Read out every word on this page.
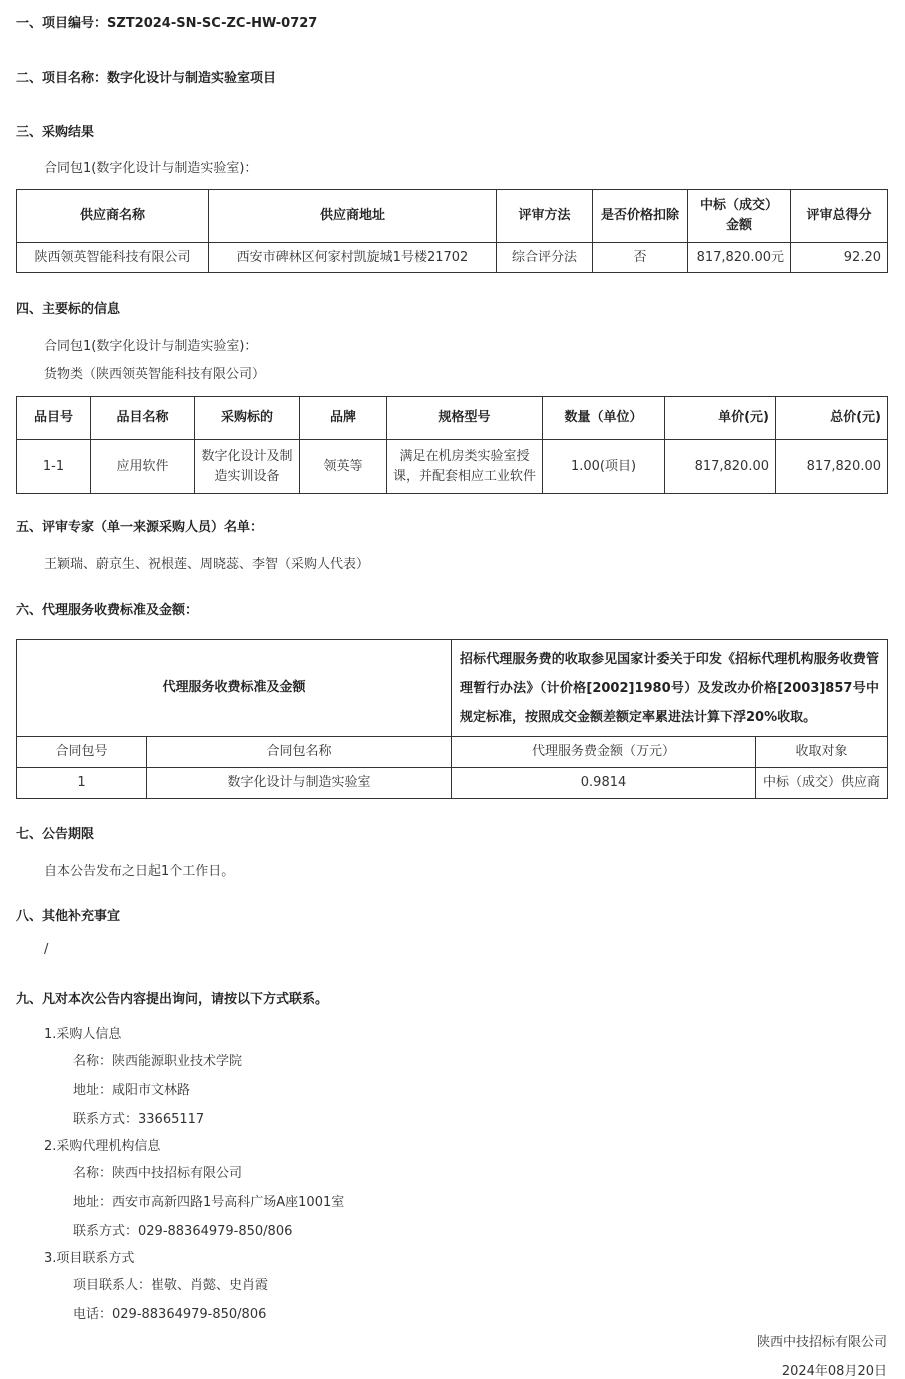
一、项目编号：SZT2024-SN-SC-ZC-HW-0727
二、项目名称：数字化设计与制造实验室项目
三、采购结果
合同包1(数字化设计与制造实验室)：
供应商名称	供应商地址	评审方法	是否价格扣除	中标（成交）金额	评审总得分
陕西领英智能科技有限公司	西安市碑林区何家村凯旋城1号楼21702	综合评分法	否	817,820.00元	92.20
四、主要标的信息
合同包1(数字化设计与制造实验室)：
货物类（陕西领英智能科技有限公司）
品目号	品目名称	采购标的	品牌	规格型号	数量（单位）	单价(元)	总价(元)
1-1	应用软件	数字化设计及制造实训设备	领英等	满足在机房类实验室授课，并配套相应工业软件	1.00(项目)	817,820.00	817,820.00
五、评审专家（单一来源采购人员）名单：
王颖瑞、蔚京生、祝根莲、周晓蕊、李智（采购人代表）
六、代理服务收费标准及金额：
代理服务收费标准及金额		招标代理服务费的收取参见国家计委关于印发《招标代理机构服务收费管理暂行办法》（计价格[2002]1980号）及发改办价格[2003]857号中规定标准，按照成交金额差额定率累进法计算下浮20%收取。	
合同包号	合同包名称	代理服务费金额（万元）	收取对象
1	数字化设计与制造实验室	0.9814	中标（成交）供应商
七、公告期限
自本公告发布之日起1个工作日。
八、其他补充事宜
/
九、凡对本次公告内容提出询问，请按以下方式联系。
1.采购人信息
名称：陕西能源职业技术学院
地址：咸阳市文林路
联系方式：33665117
2.采购代理机构信息
名称：陕西中技招标有限公司
地址：西安市高新四路1号高科广场A座1001室
联系方式：029-88364979-850/806
3.项目联系方式
项目联系人：崔敬、肖懿、史肖霞
电话：029-88364979-850/806
陕西中技招标有限公司
2024年08月20日
